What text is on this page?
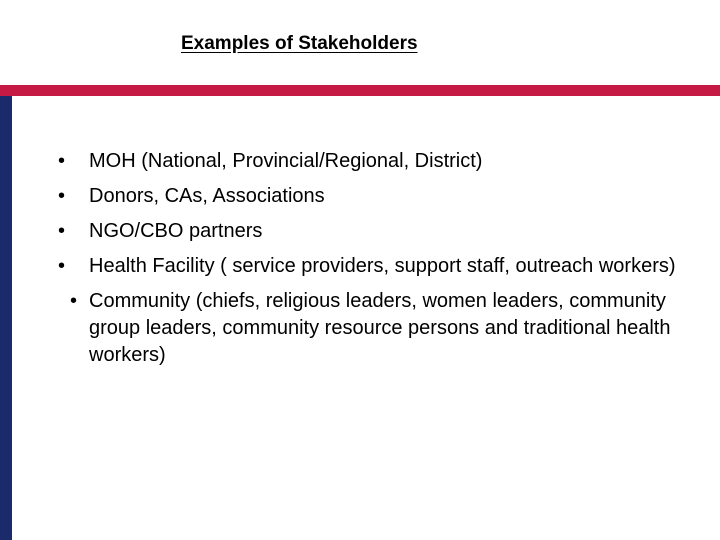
Examples of Stakeholders
• MOH (National, Provincial/Regional, District)
• Donors, CAs, Associations
• NGO/CBO partners
• Health Facility ( service providers, support staff, outreach workers)
• Community (chiefs, religious leaders, women leaders, community group leaders, community resource persons and traditional health workers)
